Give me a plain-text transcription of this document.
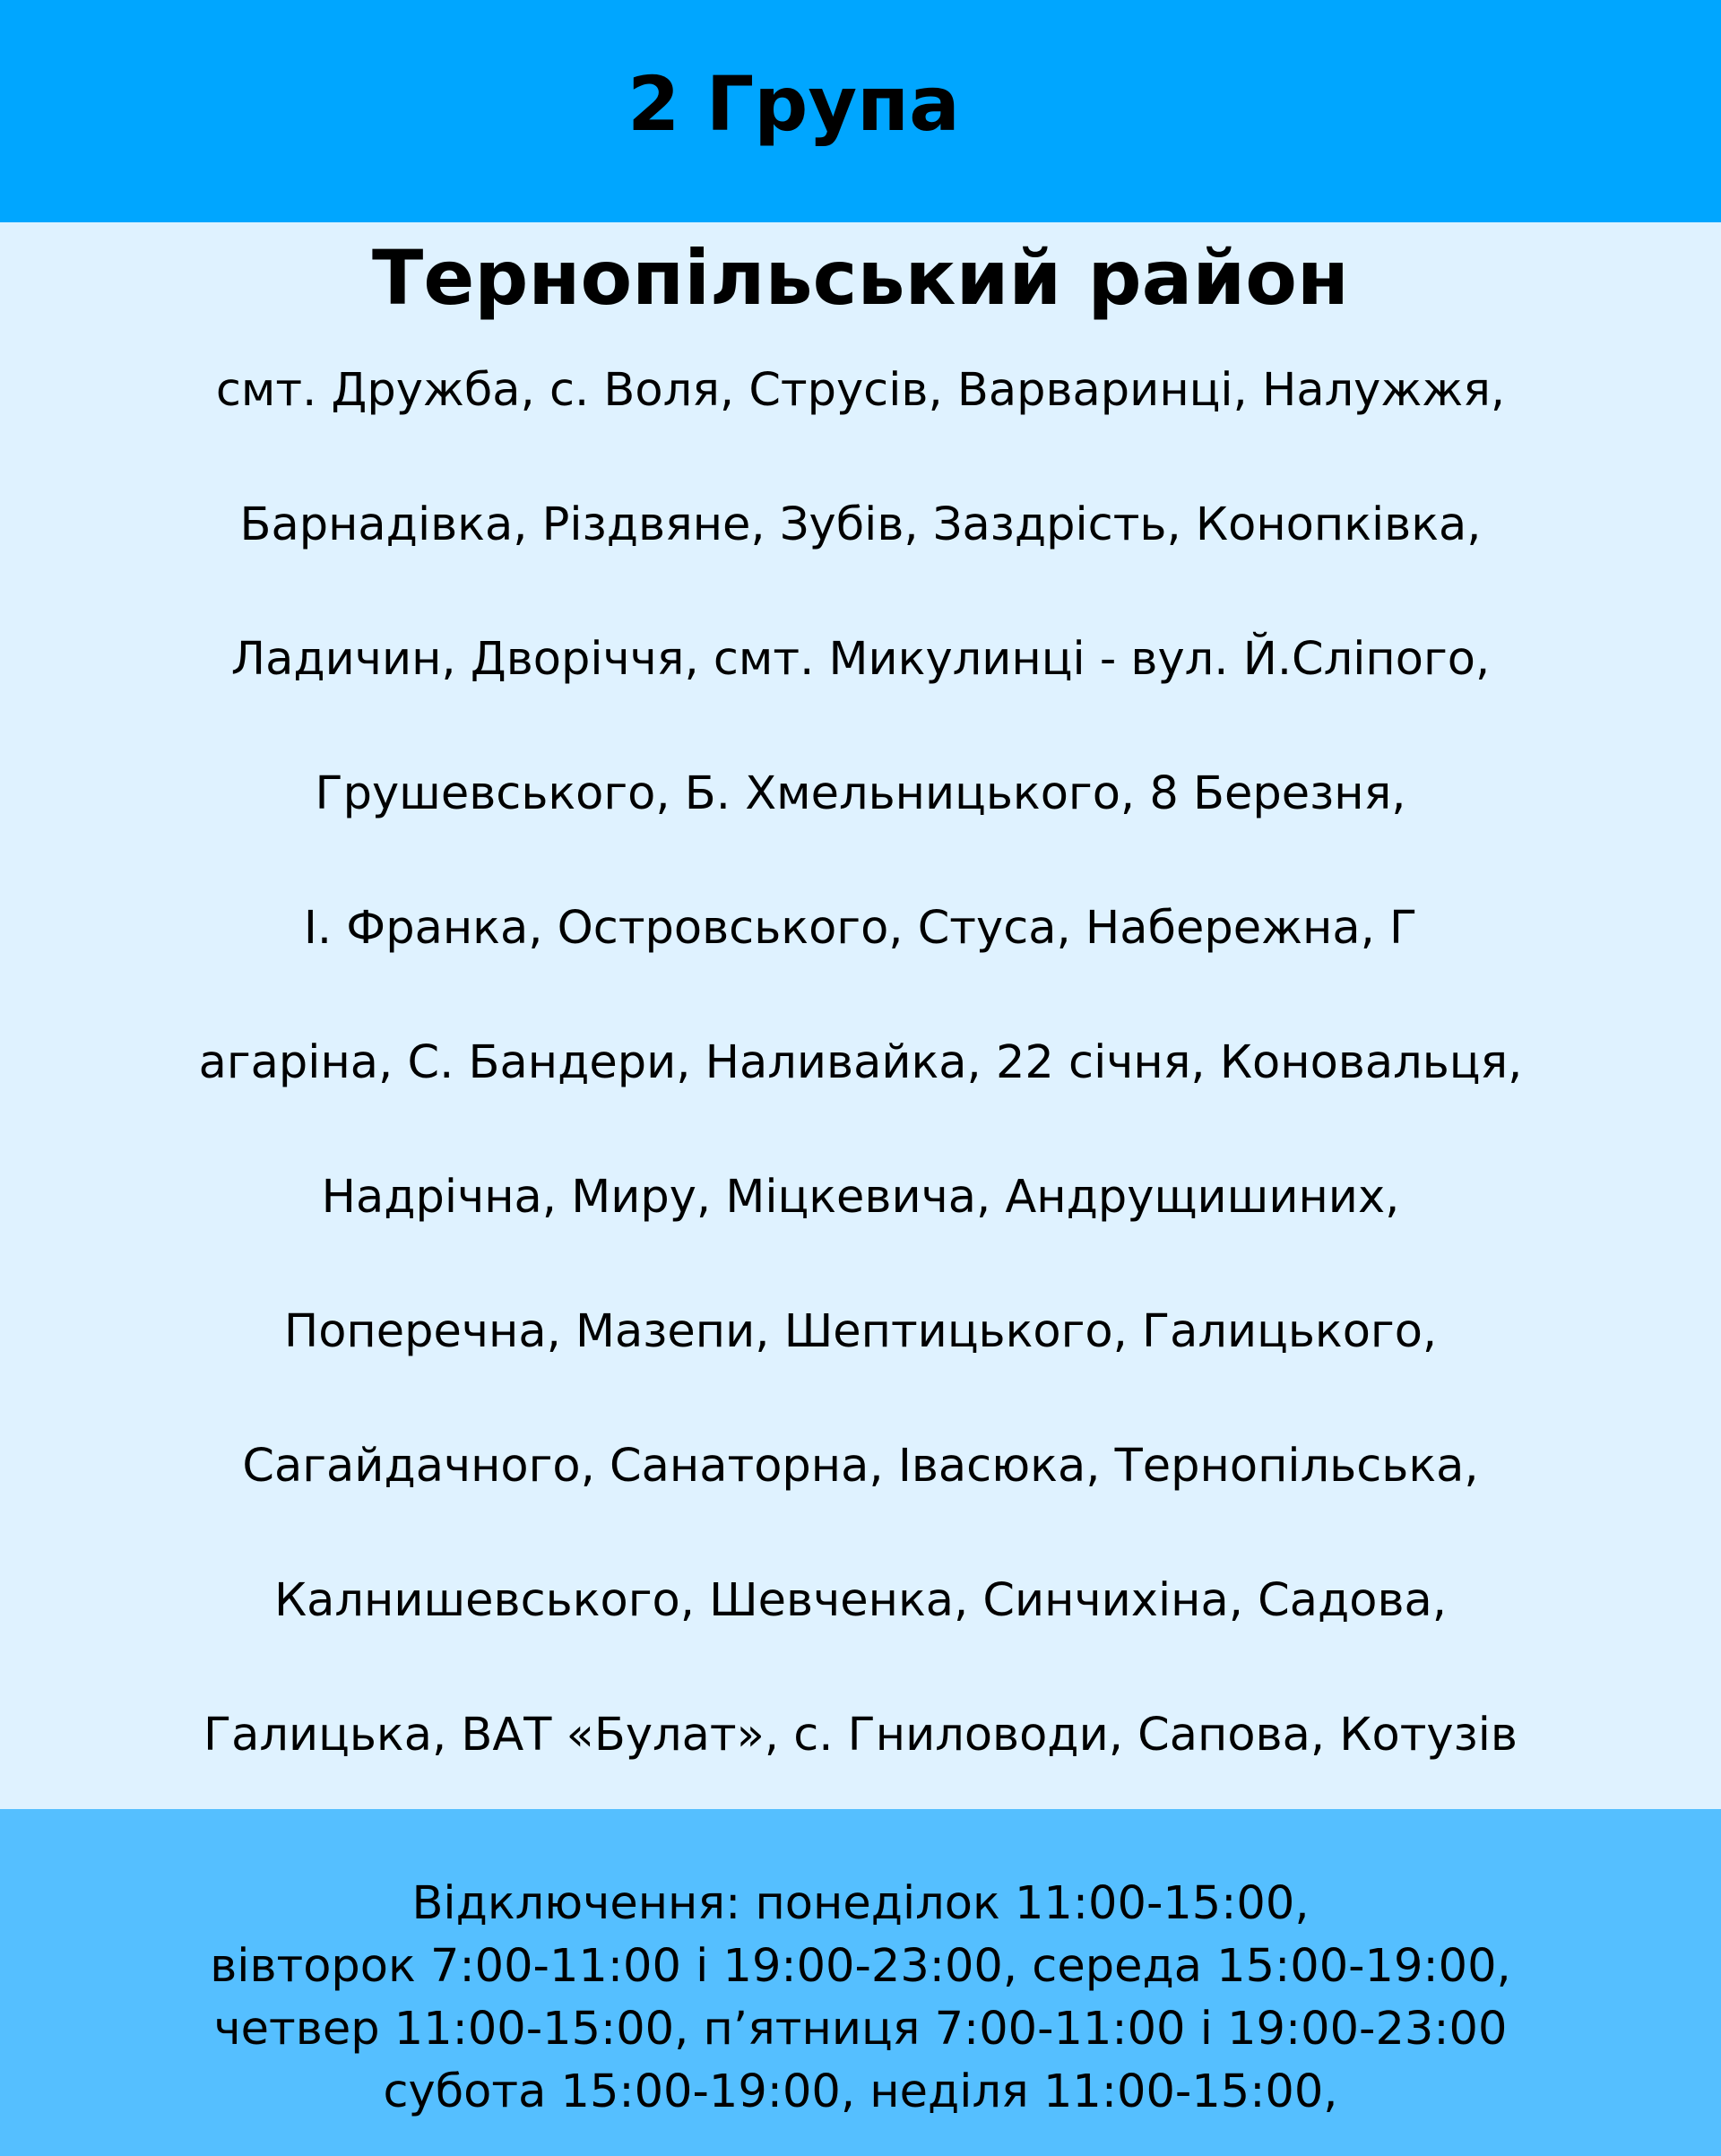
2 Група
Тернопільський район
смт. Дружба, с. Воля, Струсів, Варваринці, Налужжя,
Барнадівка, Різдвяне, Зубів, Заздрість, Конопківка,
Ладичин, Дворіччя, смт. Микулинці - вул. Й.Сліпого,
Грушевського, Б. Хмельницького, 8 Березня,
І. Франка, Островського, Стуса, Набережна, Г
агаріна, С. Бандери, Наливайка, 22 січня, Коновальця,
Надрічна, Миру, Міцкевича, Андрущишиних,
Поперечна, Мазепи, Шептицького, Галицького,
Сагайдачного, Санаторна, Івасюка, Тернопільська,
Калнишевського, Шевченка, Синчихіна, Садова,
Галицька, ВАТ «Булат», с. Гниловоди, Сапова, Котузів
Відключення: понеділок 11:00-15:00,
вівторок 7:00-11:00 і 19:00-23:00, середа 15:00-19:00,
четвер 11:00-15:00, п’ятниця 7:00-11:00 і 19:00-23:00
субота 15:00-19:00, неділя 11:00-15:00,
